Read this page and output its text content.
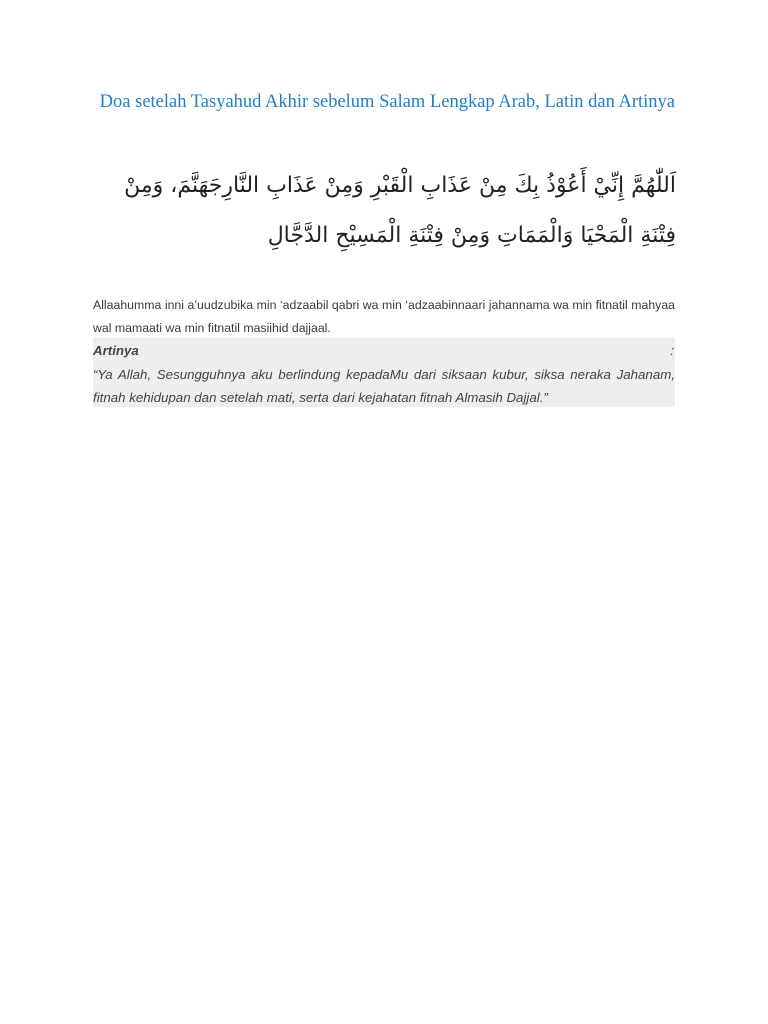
Doa setelah Tasyahud Akhir sebelum Salam Lengkap Arab, Latin dan Artinya
اَللّٰهُمَّ إِنِّيْ أَعُوْذُ بِكَ مِنْ عَذَابِ الْقَبْرِ وَمِنْ عَذَابِ النَّارِجَهَنَّمَ، وَمِنْ فِتْنَةِ الْمَحْيَا وَالْمَمَاتِ وَمِنْ فِتْنَةِ الْمَسِيْحِ الدَّجَّالِ
Allaahumma inni a’uudzubika min ‘adzaabil qabri wa min ‘adzaabinnaari jahannama wa min fitnatil mahyaa wal mamaati wa min fitnatil masiihid dajjaal.
Artinya	:
“Ya Allah, Sesungguhnya aku berlindung kepadaMu dari siksaan kubur, siksa neraka Jahanam, fitnah kehidupan dan setelah mati, serta dari kejahatan fitnah Almasih Dajjal.”
